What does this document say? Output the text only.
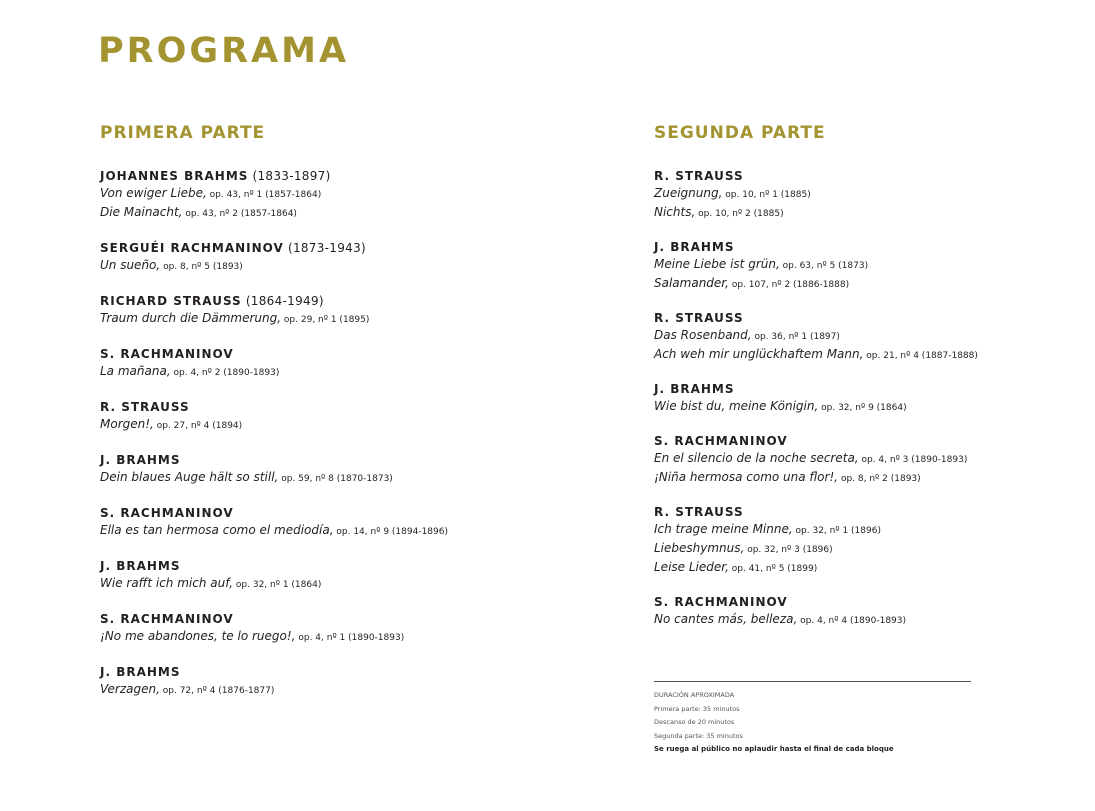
PROGRAMA
PRIMERA PARTE
JOHANNES BRAHMS (1833-1897)
Von ewiger Liebe, op. 43, nº 1 (1857-1864)
Die Mainacht, op. 43, nº 2 (1857-1864)
SERGUÉI RACHMANINOV (1873-1943)
Un sueño, op. 8, nº 5 (1893)
RICHARD STRAUSS (1864-1949)
Traum durch die Dämmerung, op. 29, nº 1 (1895)
S. RACHMANINOV
La mañana, op. 4, nº 2 (1890-1893)
R. STRAUSS
Morgen!, op. 27, nº 4 (1894)
J. BRAHMS
Dein blaues Auge hält so still, op. 59, nº 8 (1870-1873)
S. RACHMANINOV
Ella es tan hermosa como el mediodía, op. 14, nº 9 (1894-1896)
J. BRAHMS
Wie rafft ich mich auf, op. 32, nº 1 (1864)
S. RACHMANINOV
¡No me abandones, te lo ruego!, op. 4, nº 1 (1890-1893)
J. BRAHMS
Verzagen, op. 72, nº 4 (1876-1877)
SEGUNDA PARTE
R. STRAUSS
Zueignung, op. 10, nº 1 (1885)
Nichts, op. 10, nº 2 (1885)
J. BRAHMS
Meine Liebe ist grün, op. 63, nº 5 (1873)
Salamander, op. 107, nº 2 (1886-1888)
R. STRAUSS
Das Rosenband, op. 36, nº 1 (1897)
Ach weh mir unglückhaftem Mann, op. 21, nº 4 (1887-1888)
J. BRAHMS
Wie bist du, meine Königin, op. 32, nº 9 (1864)
S. RACHMANINOV
En el silencio de la noche secreta, op. 4, nº 3 (1890-1893)
¡Niña hermosa como una flor!, op. 8, nº 2 (1893)
R. STRAUSS
Ich trage meine Minne, op. 32, nº 1 (1896)
Liebeshymnus, op. 32, nº 3 (1896)
Leise Lieder, op. 41, nº 5 (1899)
S. RACHMANINOV
No cantes más, belleza, op. 4, nº 4 (1890-1893)
DURACIÓN APROXIMADA
Primera parte: 35 minutos
Descanso de 20 minutos
Segunda parte: 35 minutos
Se ruega al público no aplaudir hasta el final de cada bloque
